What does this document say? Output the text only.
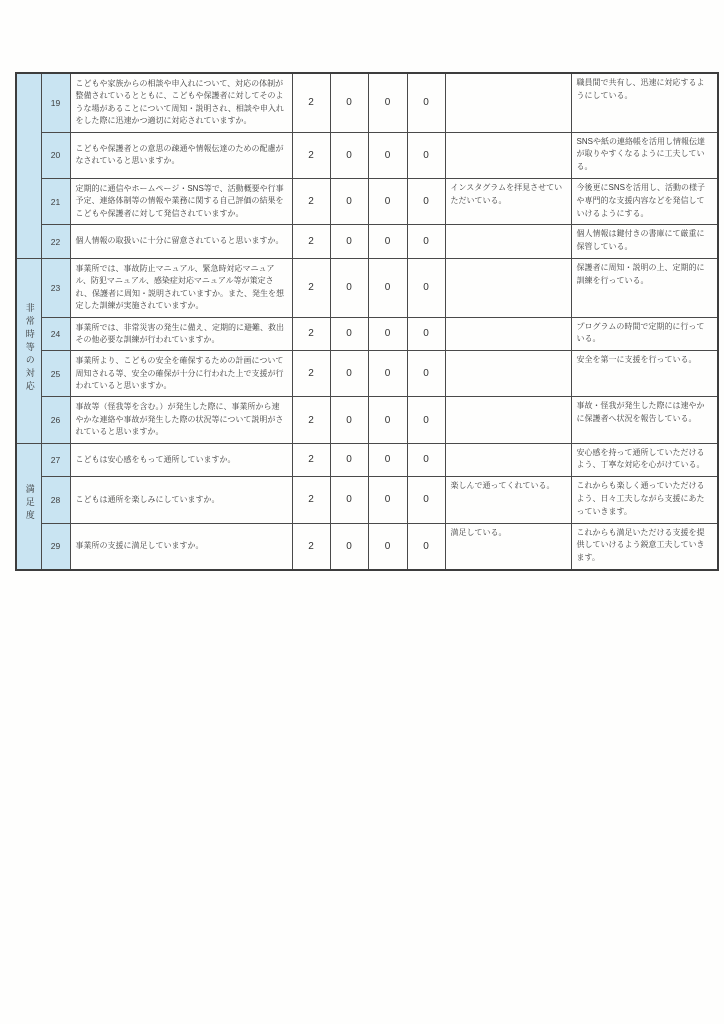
	19	こどもや家族からの相談や申入れについて、対応の体制が整備されているとともに、こどもや保護者に対してそのような場があることについて周知・説明され、相談や申入れをした際に迅速かつ適切に対応されていますか。	2	0	0	0		職員間で共有し、迅速に対応するようにしている。
	20	こどもや保護者との意思の疎通や情報伝達のための配慮がなされていると思いますか。	2	0	0	0		SNSや紙の連絡帳を活用し情報伝達が取りやすくなるように工夫している。
	21	定期的に通信やホームページ・SNS等で、活動概要や行事予定、連絡体制等の情報や業務に関する自己評価の結果をこどもや保護者に対して発信されていますか。	2	0	0	0	インスタグラムを拝見させていただいている。	今後更にSNSを活用し、活動の様子や専門的な支援内容などを発信していけるようにする。
	22	個人情報の取扱いに十分に留意されていると思いますか。	2	0	0	0		個人情報は鍵付きの書庫にて厳重に保管している。
非常時等の対応	23	事業所では、事故防止マニュアル、緊急時対応マニュアル、防犯マニュアル、感染症対応マニュアル等が策定され、保護者に周知・説明されていますか。また、発生を想定した訓練が実施されていますか。	2	0	0	0		保護者に周知・説明の上、定期的に訓練を行っている。
	24	事業所では、非常災害の発生に備え、定期的に避難、救出その他必要な訓練が行われていますか。	2	0	0	0		プログラムの時間で定期的に行っている。
	25	事業所より、こどもの安全を確保するための計画について周知される等、安全の確保が十分に行われた上で支援が行われていると思いますか。	2	0	0	0		安全を第一に支援を行っている。
	26	事故等（怪我等を含む。）が発生した際に、事業所から速やかな連絡や事故が発生した際の状況等について説明がされていると思いますか。	2	0	0	0		事故・怪我が発生した際には速やかに保護者へ状況を報告している。
満足度	27	こどもは安心感をもって通所していますか。	2	0	0	0		安心感を持って通所していただけるよう、丁寧な対応を心がけている。
	28	こどもは通所を楽しみにしていますか。	2	0	0	0	楽しんで通ってくれている。	これからも楽しく通っていただけるよう、日々工夫しながら支援にあたっていきます。
	29	事業所の支援に満足していますか。	2	0	0	0	満足している。	これからも満足いただける支援を提供していけるよう鋭意工夫していきます。
